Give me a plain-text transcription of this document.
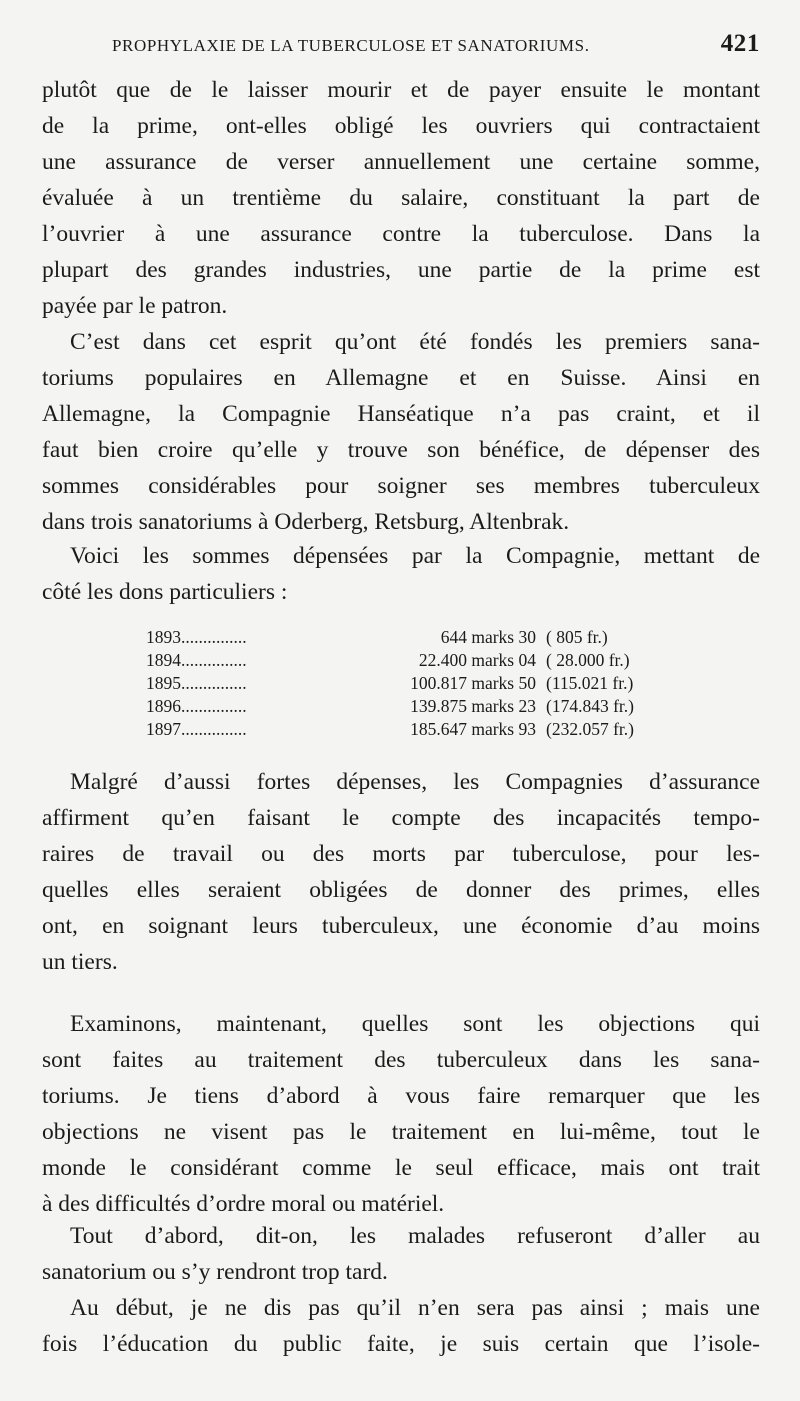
PROPHYLAXIE DE LA TUBERCULOSE ET SANATORIUMS.	421
plutôt que de le laisser mourir et de payer ensuite le montant
de la prime, ont-elles obligé les ouvriers qui contractaient
une assurance de verser annuellement une certaine somme,
évaluée à un trentième du salaire, constituant la part de
l’ouvrier à une assurance contre la tuberculose. Dans la
plupart des grandes industries, une partie de la prime est
payée par le patron.
C’est dans cet esprit qu’ont été fondés les premiers sana-
toriums populaires en Allemagne et en Suisse. Ainsi en
Allemagne, la Compagnie Hanséatique n’a pas craint, et il
faut bien croire qu’elle y trouve son bénéfice, de dépenser des
sommes considérables pour soigner ses membres tuberculeux
dans trois sanatoriums à Oderberg, Retsburg, Altenbrak.
Voici les sommes dépensées par la Compagnie, mettant de
côté les dons particuliers :
1893...............	644 marks 30 ( 805 fr.)
1894...............	22.400 marks 04 ( 28.000 fr.)
1895...............	100.817 marks 50 (115.021 fr.)
1896...............	139.875 marks 23 (174.843 fr.)
1897...............	185.647 marks 93 (232.057 fr.)
Malgré d’aussi fortes dépenses, les Compagnies d’assurance
affirment qu’en faisant le compte des incapacités tempo-
raires de travail ou des morts par tuberculose, pour les-
quelles elles seraient obligées de donner des primes, elles
ont, en soignant leurs tuberculeux, une économie d’au moins
un tiers.
Examinons, maintenant, quelles sont les objections qui
sont faites au traitement des tuberculeux dans les sana-
toriums. Je tiens d’abord à vous faire remarquer que les
objections ne visent pas le traitement en lui-même, tout le
monde le considérant comme le seul efficace, mais ont trait
à des difficultés d’ordre moral ou matériel.
Tout d’abord, dit-on, les malades refuseront d’aller au
sanatorium ou s’y rendront trop tard.
Au début, je ne dis pas qu’il n’en sera pas ainsi ; mais une
fois l’éducation du public faite, je suis certain que l’isole-
